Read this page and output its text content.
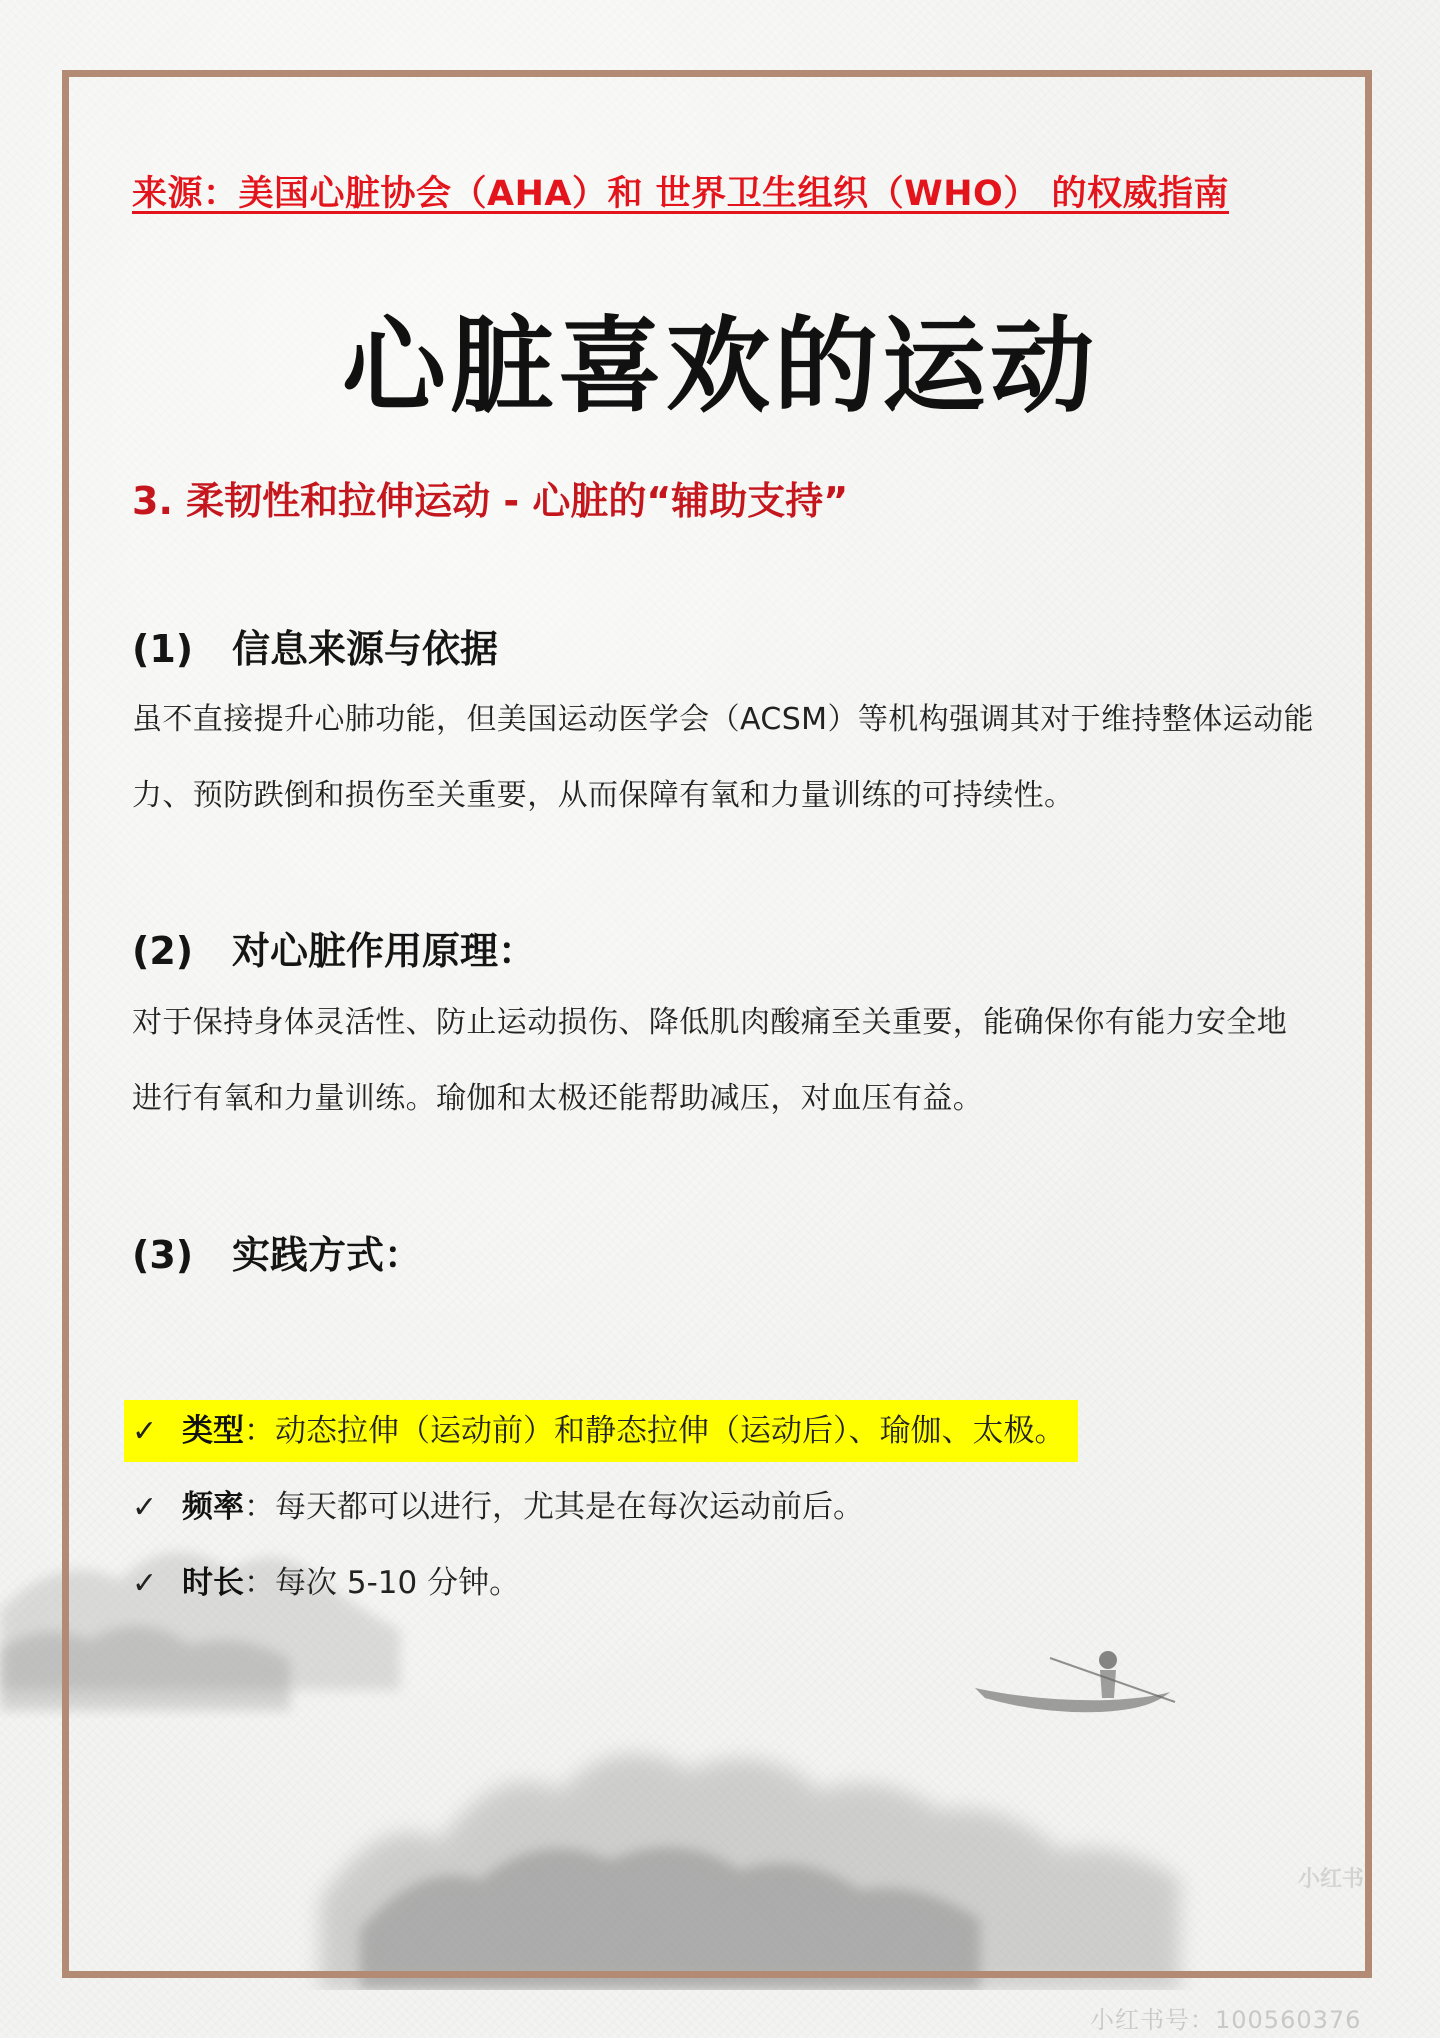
来源：美国心脏协会（AHA）和 世界卫生组织（WHO） 的权威指南
心脏喜欢的运动
3. 柔韧性和拉伸运动 - 心脏的“辅助支持”
(1) 信息来源与依据
虽不直接提升心肺功能，但美国运动医学会（ACSM）等机构强调其对于维持整体运动能力、预防跌倒和损伤至关重要，从而保障有氧和力量训练的可持续性。
(2) 对心脏作用原理：
对于保持身体灵活性、防止运动损伤、降低肌肉酸痛至关重要，能确保你有能力安全地进行有氧和力量训练。瑜伽和太极还能帮助减压，对血压有益。
(3) 实践方式：
✓ 类型：动态拉伸（运动前）和静态拉伸（运动后）、瑜伽、太极。
✓ 频率：每天都可以进行，尤其是在每次运动前后。
✓ 时长：每次 5-10 分钟。
小红书
小红书号：100560376
